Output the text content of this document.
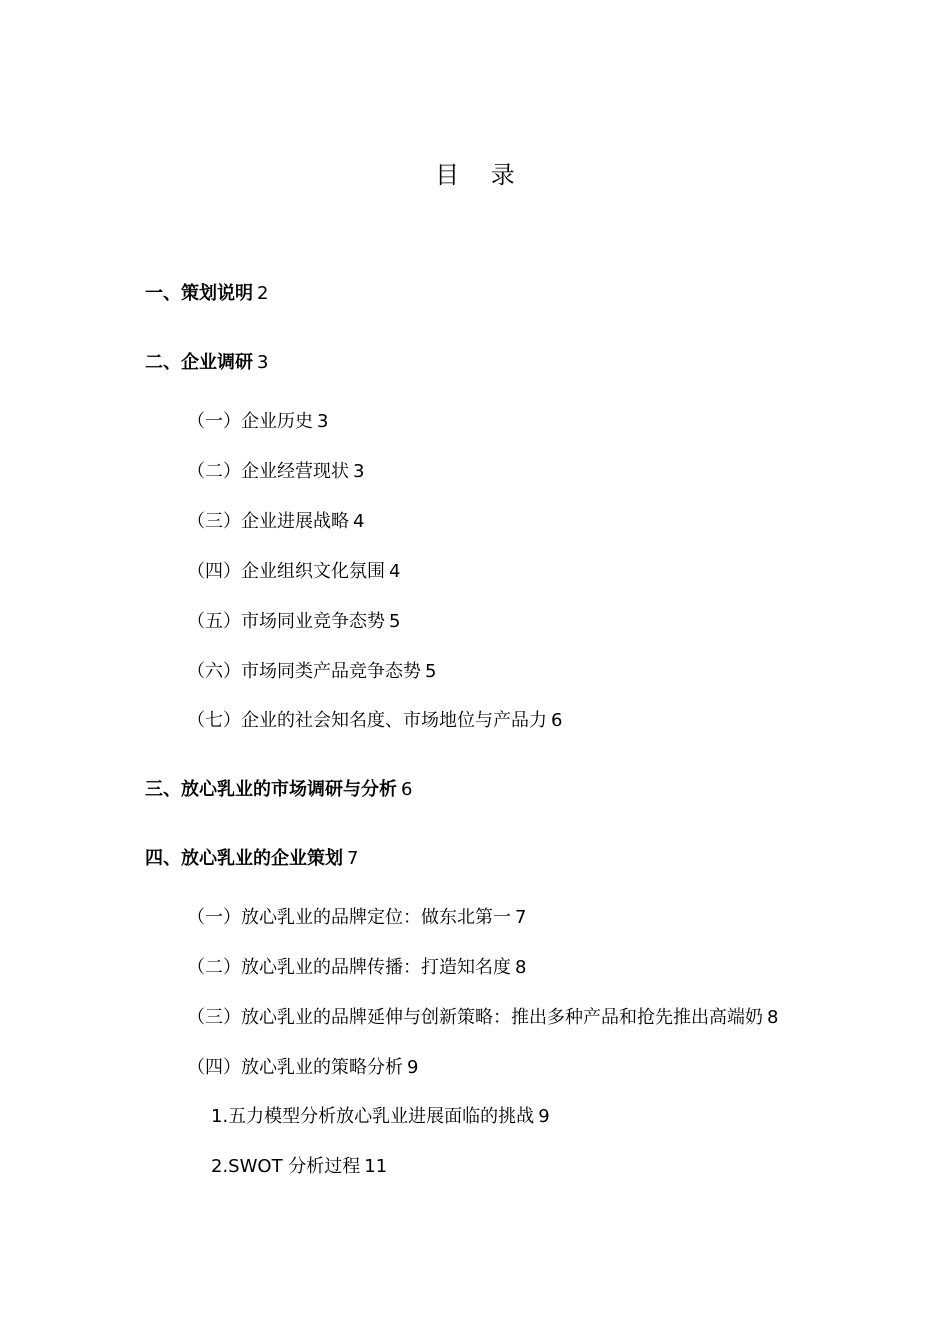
目 录
一、策划说明 2
二、企业调研 3
（一）企业历史 3
（二）企业经营现状 3
（三）企业进展战略 4
（四）企业组织文化氛围 4
（五）市场同业竞争态势 5
（六）市场同类产品竞争态势 5
（七）企业的社会知名度、市场地位与产品力 6
三、放心乳业的市场调研与分析 6
四、放心乳业的企业策划 7
（一）放心乳业的品牌定位：做东北第一 7
（二）放心乳业的品牌传播：打造知名度 8
（三）放心乳业的品牌延伸与创新策略：推出多种产品和抢先推出高端奶 8
（四）放心乳业的策略分析 9
1.五力模型分析放心乳业进展面临的挑战 9
2.SWOT 分析过程 11
